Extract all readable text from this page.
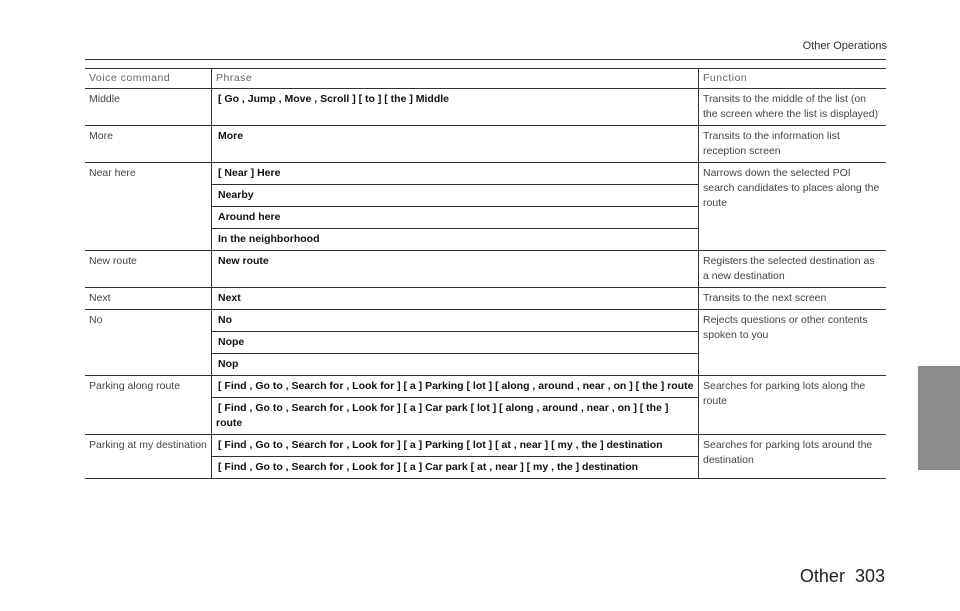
Other Operations
Voice command	Phrase	Function
Middle	[ Go , Jump , Move , Scroll ] [ to ] [ the ] Middle	Transits to the middle of the list (on the screen where the list is displayed)
More	More	Transits to the information list reception screen
Near here	[ Near ] Here	Narrows down the selected POI search candidates to places along the route
	Nearby	
	Around here	
	In the neighborhood	
New route	New route	Registers the selected destination as a new destination
Next	Next	Transits to the next screen
No	No	Rejects questions or other contents spoken to you
	Nope	
	Nop	
Parking along route	[ Find , Go to , Search for , Look for ] [ a ] Parking [ lot ] [ along , around , near , on ] [ the ] route	Searches for parking lots along the route
	[ Find , Go to , Search for , Look for ] [ a ] Car park [ lot ] [ along , around , near , on ] [ the ] route	
Parking at my destination	[ Find , Go to , Search for , Look for ] [ a ] Parking [ lot ] [ at , near ] [ my , the ] destination	Searches for parking lots around the destination
	[ Find , Go to , Search for , Look for ] [ a ] Car park [ at , near ] [ my , the ] destination	
Other 303
